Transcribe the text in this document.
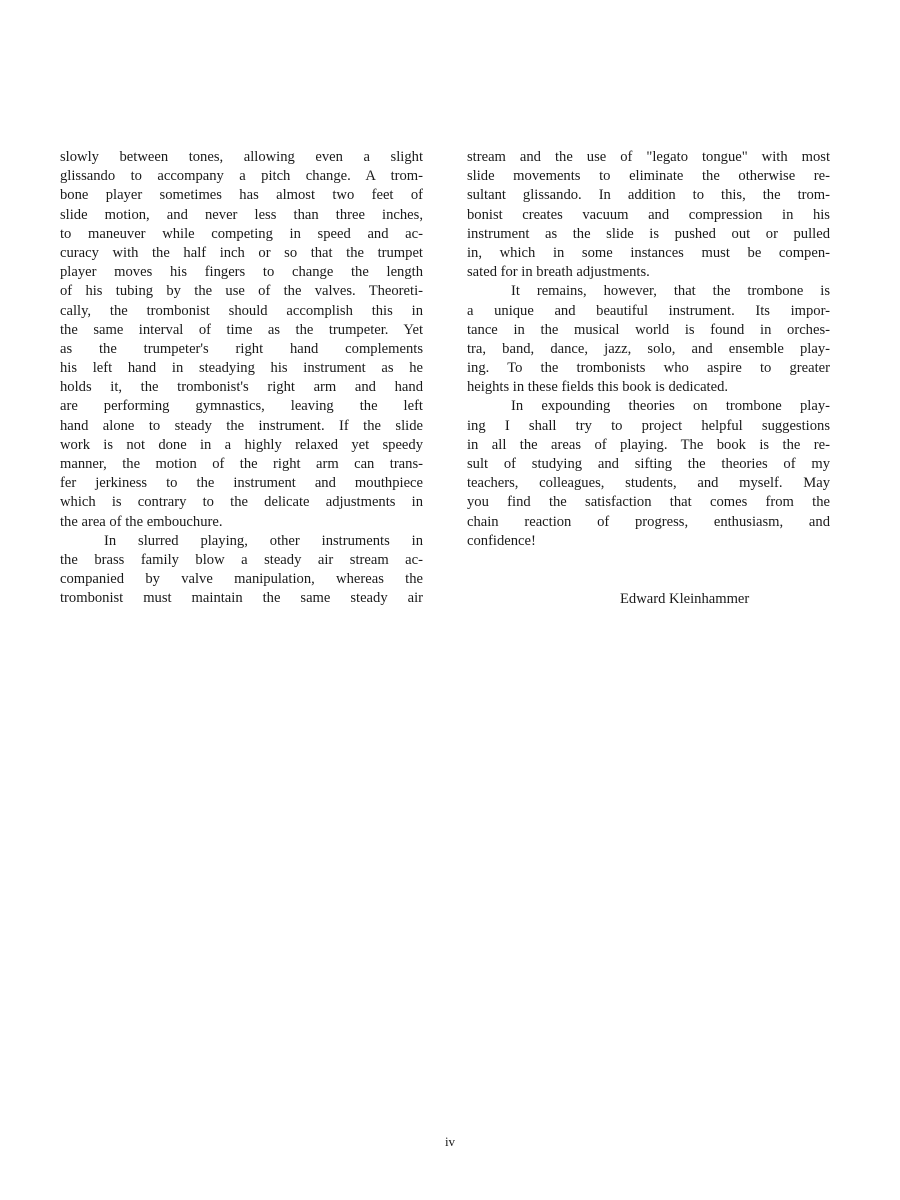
slowly between tones, allowing even a slight
glissando to accompany a pitch change. A trom-
bone player sometimes has almost two feet of
slide motion, and never less than three inches,
to maneuver while competing in speed and ac-
curacy with the half inch or so that the trumpet
player moves his fingers to change the length
of his tubing by the use of the valves. Theoreti-
cally, the trombonist should accomplish this in
the same interval of time as the trumpeter. Yet
as the trumpeter's right hand complements
his left hand in steadying his instrument as he
holds it, the trombonist's right arm and hand
are performing gymnastics, leaving the left
hand alone to steady the instrument. If the slide
work is not done in a highly relaxed yet speedy
manner, the motion of the right arm can trans-
fer jerkiness to the instrument and mouthpiece
which is contrary to the delicate adjustments in
the area of the embouchure.
In slurred playing, other instruments in
the brass family blow a steady air stream ac-
companied by valve manipulation, whereas the
trombonist must maintain the same steady air
stream and the use of "legato tongue" with most
slide movements to eliminate the otherwise re-
sultant glissando. In addition to this, the trom-
bonist creates vacuum and compression in his
instrument as the slide is pushed out or pulled
in, which in some instances must be compen-
sated for in breath adjustments.
It remains, however, that the trombone is
a unique and beautiful instrument. Its impor-
tance in the musical world is found in orches-
tra, band, dance, jazz, solo, and ensemble play-
ing. To the trombonists who aspire to greater
heights in these fields this book is dedicated.
In expounding theories on trombone play-
ing I shall try to project helpful suggestions
in all the areas of playing. The book is the re-
sult of studying and sifting the theories of my
teachers, colleagues, students, and myself. May
you find the satisfaction that comes from the
chain reaction of progress, enthusiasm, and
confidence!
Edward Kleinhammer
iv
